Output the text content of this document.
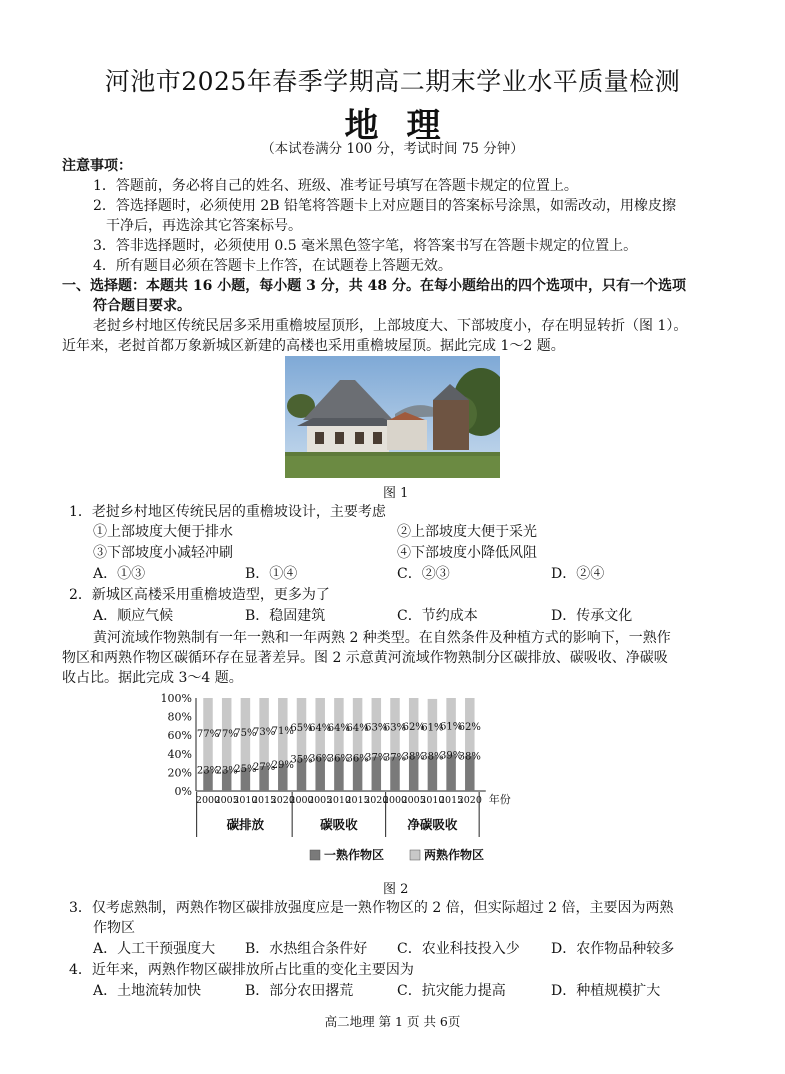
河池市2025年春季学期高二期末学业水平质量检测
地理
（本试卷满分 100 分，考试时间 75 分钟）
注意事项：
1．答题前，务必将自己的姓名、班级、准考证号填写在答题卡规定的位置上。
2．答选择题时，必须使用 2B 铅笔将答题卡上对应题目的答案标号涂黑，如需改动，用橡皮擦
干净后，再选涂其它答案标号。
3．答非选择题时，必须使用 0.5 毫米黑色签字笔，将答案书写在答题卡规定的位置上。
4．所有题目必须在答题卡上作答，在试题卷上答题无效。
一、选择题：本题共 16 小题，每小题 3 分，共 48 分。在每小题给出的四个选项中，只有一个选项
符合题目要求。
老挝乡村地区传统民居多采用重檐坡屋顶形，上部坡度大、下部坡度小，存在明显转折（图 1）。
近年来，老挝首都万象新城区新建的高楼也采用重檐坡屋顶。据此完成 1～2 题。
图 1
1．老挝乡村地区传统民居的重檐坡设计，主要考虑
①上部坡度大便于排水	②上部坡度大便于采光
③下部坡度小减轻冲刷	④下部坡度小降低风阻
A．①③	B．①④	C．②③	D．②④
2．新城区高楼采用重檐坡造型，更多为了
A．顺应气候	B．稳固建筑	C．节约成本	D．传承文化
黄河流域作物熟制有一年一熟和一年两熟 2 种类型。在自然条件及种植方式的影响下，一熟作
物区和两熟作物区碳循环存在显著差异。图 2 示意黄河流域作物熟制分区碳排放、碳吸收、净碳吸
收占比。据此完成 3～4 题。
100%
80%
60%
40%
20%
0%
23%
77%
2000
23%
77%
2005
25%
75%
2010
27%
73%
2015
29%
71%
2020
35%
65%
2000
36%
64%
2005
36%
64%
2010
36%
64%
2015
37%
63%
2020
37%
63%
2000
38%
62%
2005
38%
61%
2010
39%
61%
2015
38%
62%
2020 年份
碳排放	碳吸收	净碳吸收
一熟作物区	两熟作物区
图 2
3．仅考虑熟制，两熟作物区碳排放强度应是一熟作物区的 2 倍，但实际超过 2 倍，主要因为两熟
作物区
A．人工干预强度大 B．水热组合条件好 C．农业科技投入少 D．农作物品种较多
4．近年来，两熟作物区碳排放所占比重的变化主要因为
A．土地流转加快	B．部分农田撂荒	C．抗灾能力提高	D．种植规模扩大
高二地理 第 1 页 共 6页
